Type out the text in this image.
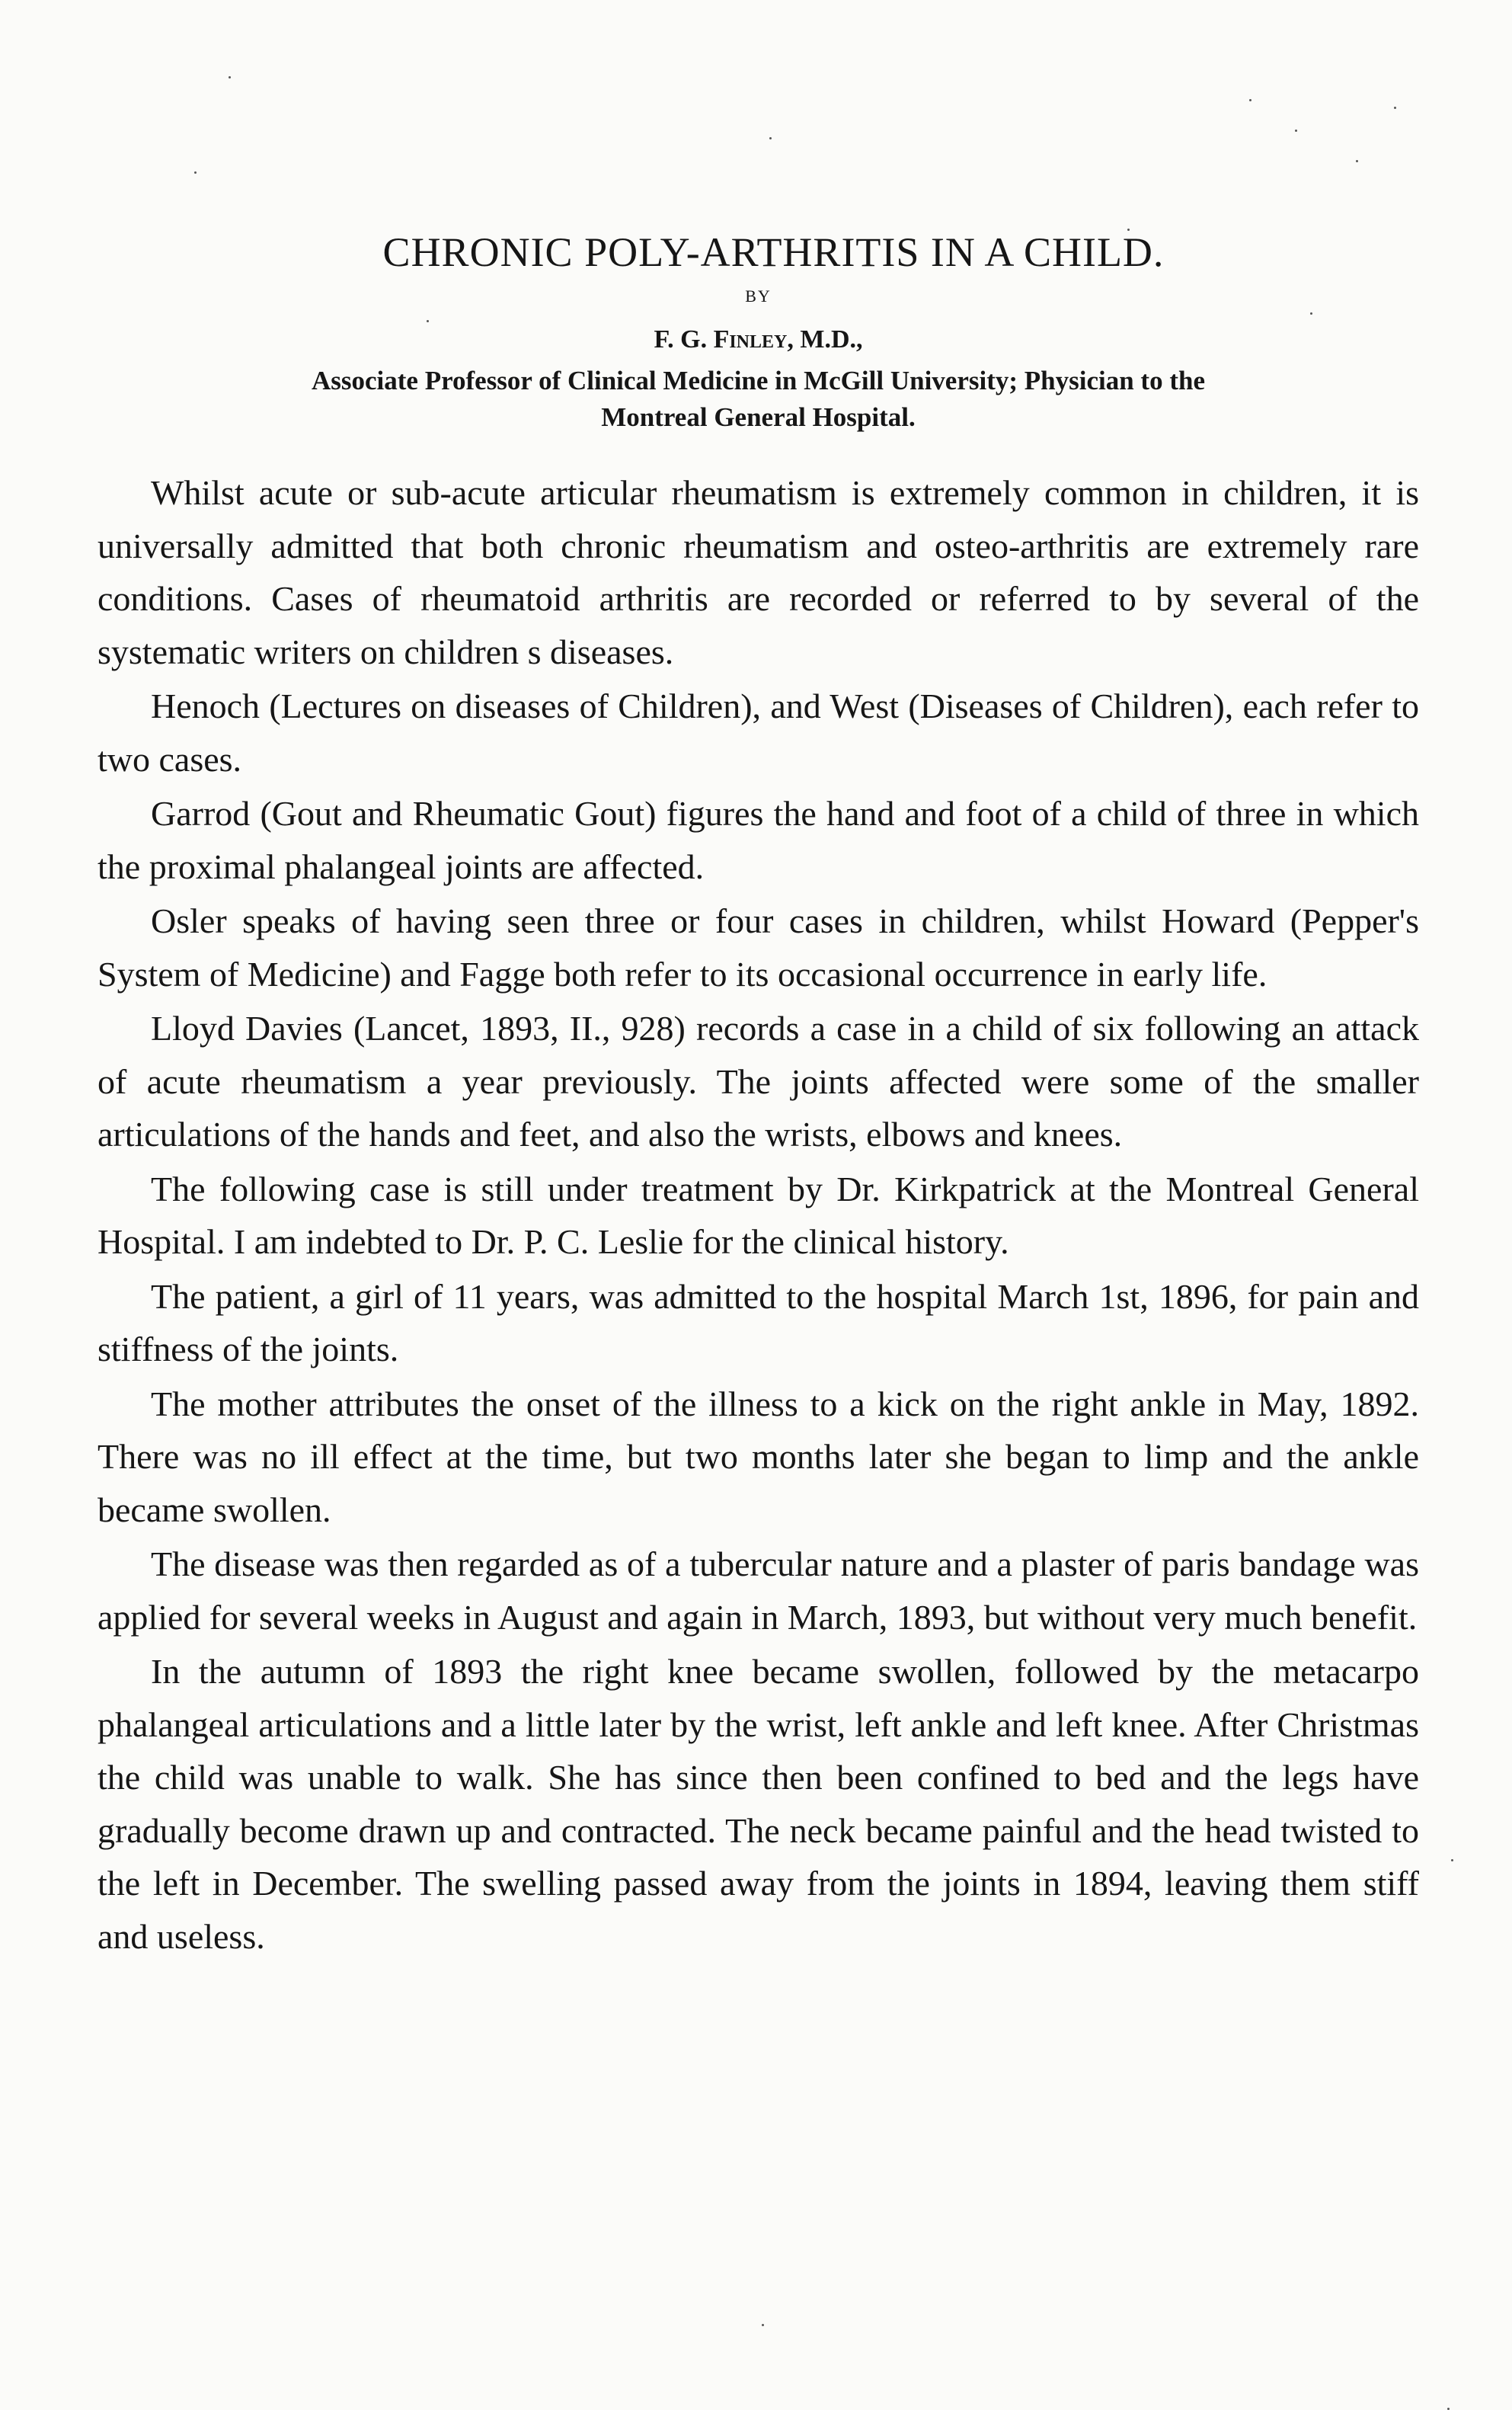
CHRONIC POLY-ARTHRITIS IN A CHILD.
BY
F. G. Finley, M.D.,
Associate Professor of Clinical Medicine in McGill University; Physician to the
Montreal General Hospital.

Whilst acute or sub-acute articular rheumatism is extremely common in children, it is universally admitted that both chronic rheumatism and osteo-arthritis are extremely rare conditions. Cases of rheumatoid arthritis are recorded or referred to by several of the systematic writers on children s diseases.

Henoch (Lectures on diseases of Children), and West (Diseases of Children), each refer to two cases.

Garrod (Gout and Rheumatic Gout) figures the hand and foot of a child of three in which the proximal phalangeal joints are affected.

Osler speaks of having seen three or four cases in children, whilst Howard (Pepper's System of Medicine) and Fagge both refer to its occasional occurrence in early life.

Lloyd Davies (Lancet, 1893, II., 928) records a case in a child of six following an attack of acute rheumatism a year previously. The joints affected were some of the smaller articulations of the hands and feet, and also the wrists, elbows and knees.

The following case is still under treatment by Dr. Kirkpatrick at the Montreal General Hospital. I am indebted to Dr. P. C. Leslie for the clinical history.

The patient, a girl of 11 years, was admitted to the hospital March 1st, 1896, for pain and stiffness of the joints.

The mother attributes the onset of the illness to a kick on the right ankle in May, 1892. There was no ill effect at the time, but two months later she began to limp and the ankle became swollen.

The disease was then regarded as of a tubercular nature and a plaster of paris bandage was applied for several weeks in August and again in March, 1893, but without very much benefit.

In the autumn of 1893 the right knee became swollen, followed by the metacarpo phalangeal articulations and a little later by the wrist, left ankle and left knee. After Christmas the child was unable to walk. She has since then been confined to bed and the legs have gradually become drawn up and contracted. The neck became painful and the head twisted to the left in December. The swelling passed away from the joints in 1894, leaving them stiff and useless.
